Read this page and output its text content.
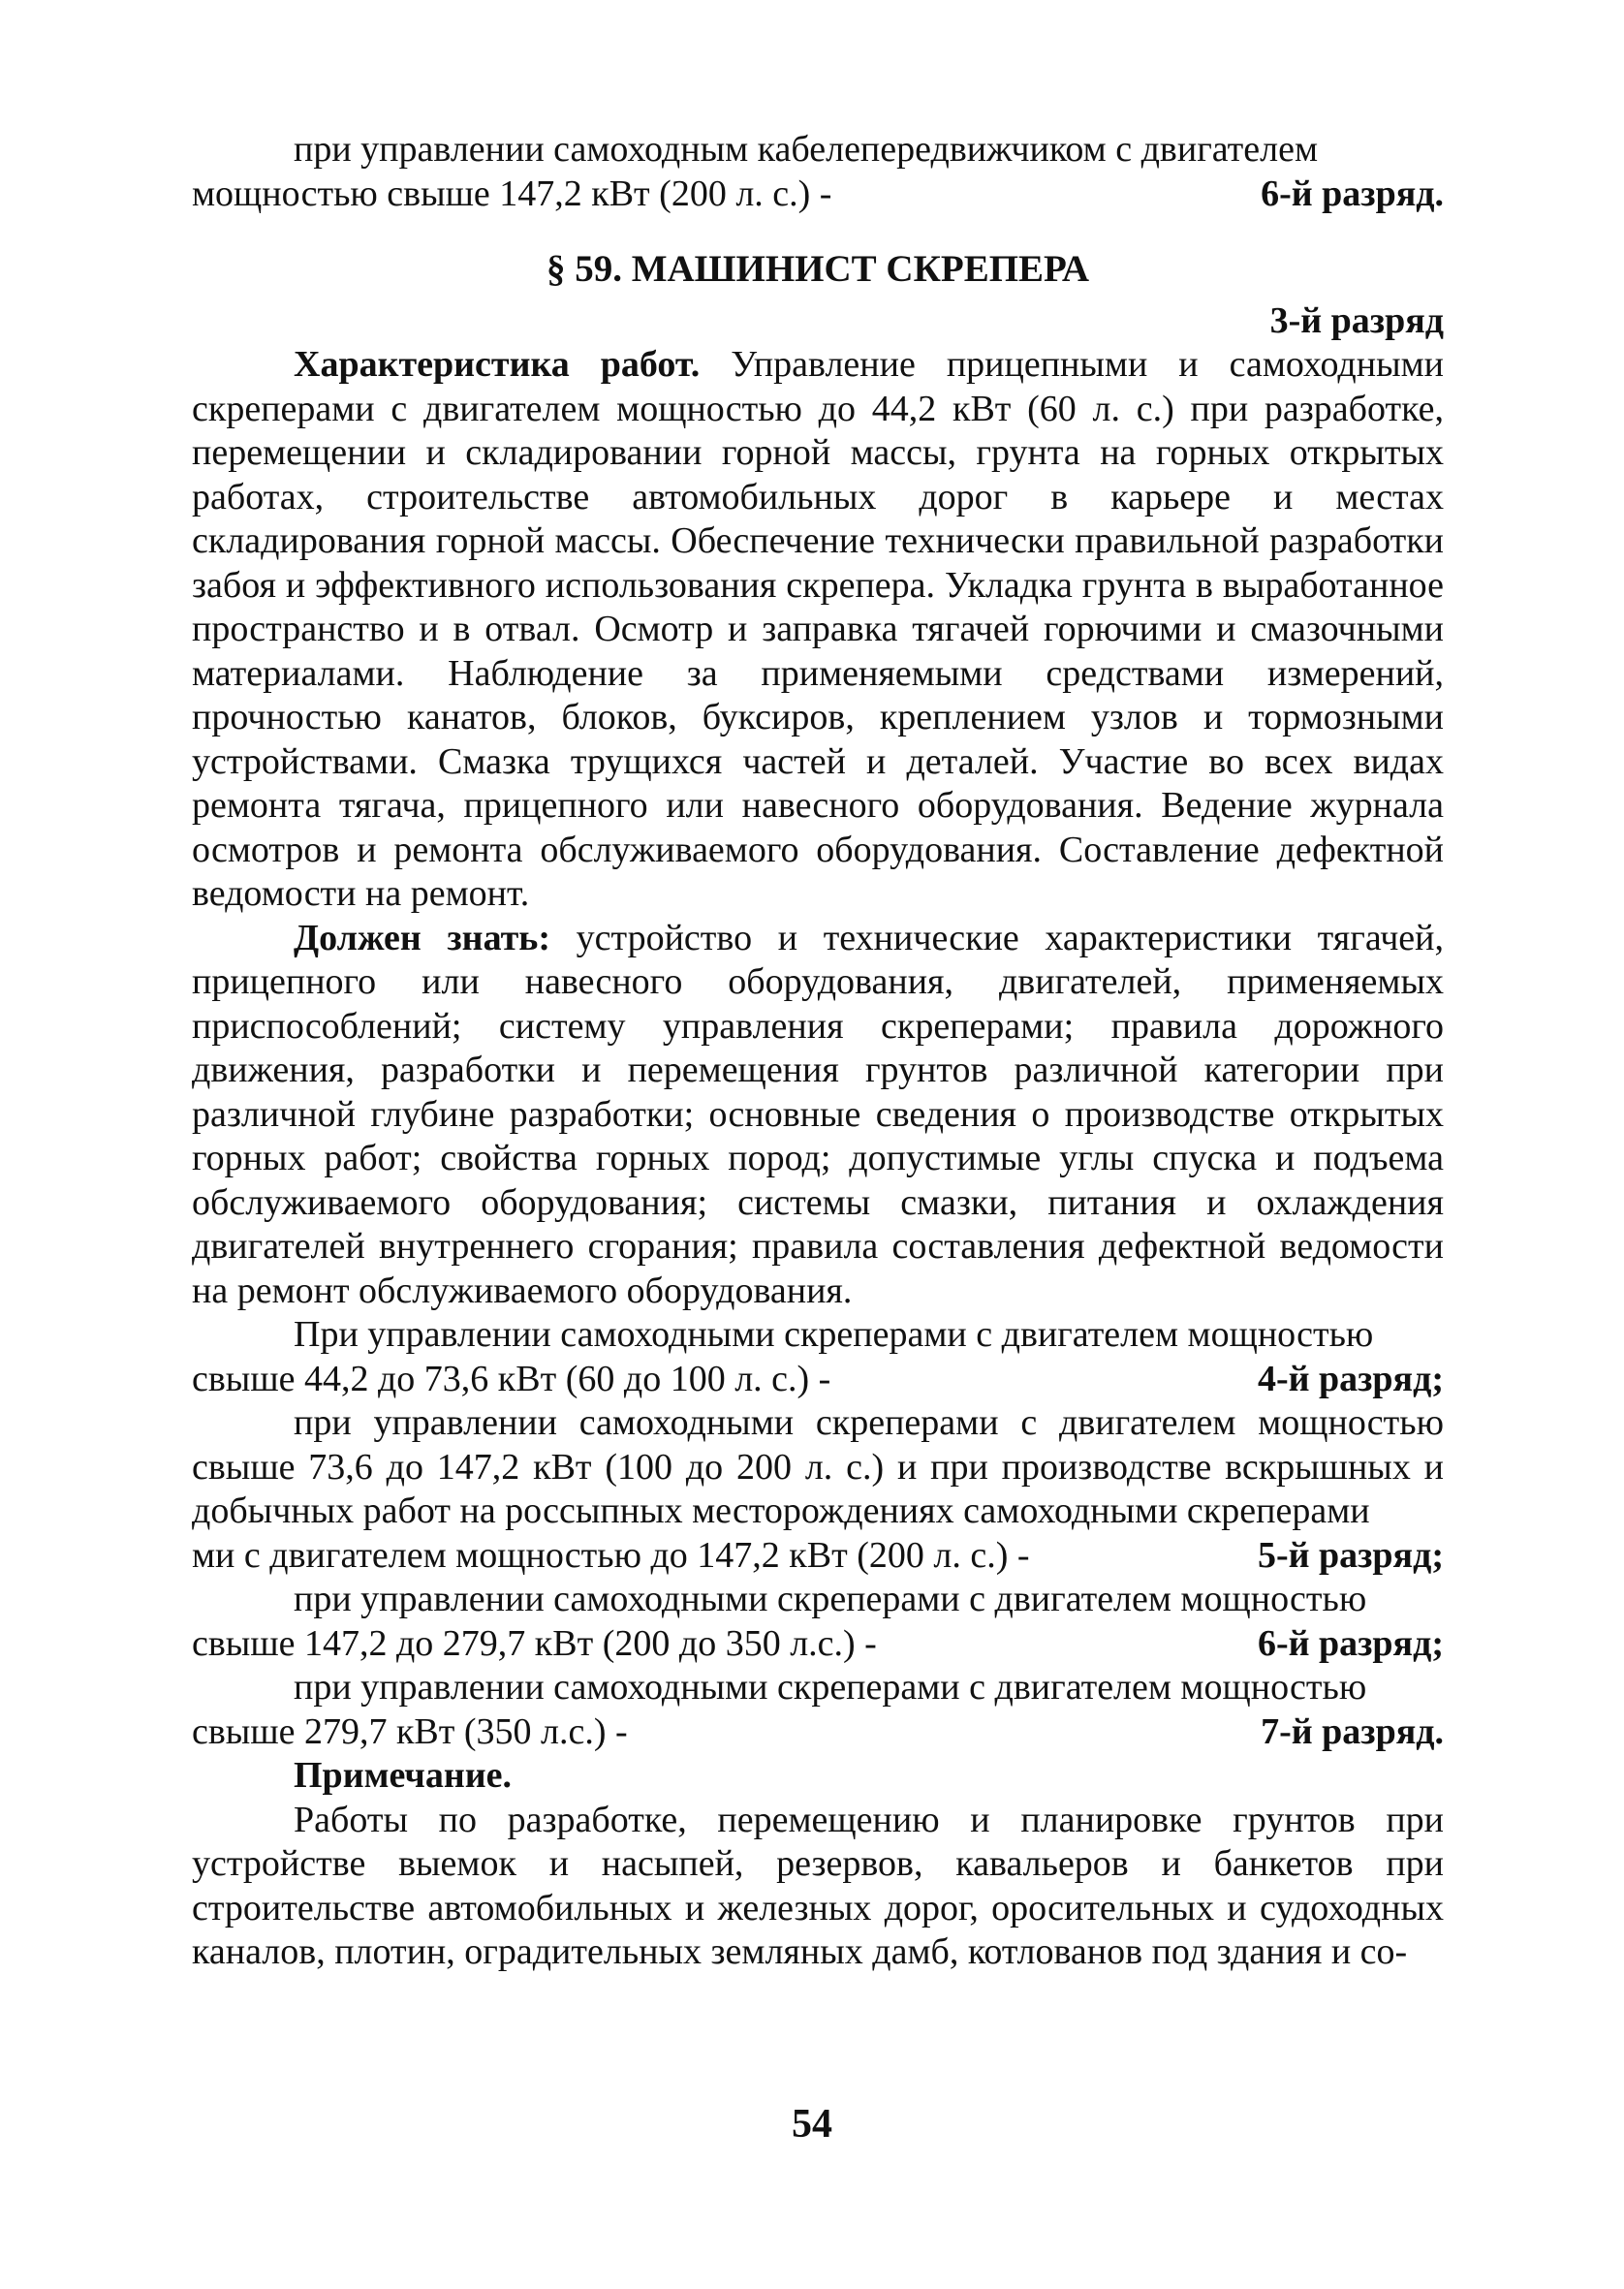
при управлении самоходным кабелепередвижчиком с двигателем

мощностью свыше 147,2 кВт (200 л. с.) -	6-й разряд.

§ 59. МАШИНИСТ СКРЕПЕРА

3-й разряд

Характеристика работ. Управление прицепными и самоходными скреперами с двигателем мощностью до 44,2 кВт (60 л. с.) при разработке, перемещении и складировании горной массы, грунта на горных открытых работах, строительстве автомобильных дорог в карьере и местах складирования горной массы. Обеспечение технически правильной разработки забоя и эффективного использования скрепера. Укладка грунта в выработанное пространство и в отвал. Осмотр и заправка тягачей горючими и смазочными материалами. Наблюдение за применяемыми средствами измерений, прочностью канатов, блоков, буксиров, креплением узлов и тормозными устройствами. Смазка трущихся частей и деталей. Участие во всех видах ремонта тягача, прицепного или навесного оборудования. Ведение журнала осмотров и ремонта обслуживаемого оборудования. Составление дефектной ведомости на ремонт.

Должен знать: устройство и технические характеристики тягачей, прицепного или навесного оборудования, двигателей, применяемых приспособлений; систему управления скреперами; правила дорожного движения, разработки и перемещения грунтов различной категории при различной глубине разработки; основные сведения о производстве открытых горных работ; свойства горных пород; допустимые углы спуска и подъема обслуживаемого оборудования; системы смазки, питания и охлаждения двигателей внутреннего сгорания; правила составления дефектной ведомости на ремонт обслуживаемого оборудования.

При управлении самоходными скреперами с двигателем мощностью

свыше 44,2 до 73,6 кВт (60 до 100 л. с.) -	4-й разряд;

при управлении самоходными скреперами с двигателем мощностью свыше 73,6 до 147,2 кВт (100 до 200 л. с.) и при производстве вскрышных и добычных работ на россыпных месторождениях самоходными скреперами

ми с двигателем мощностью до 147,2 кВт (200 л. с.) -	5-й разряд;

при управлении самоходными скреперами с двигателем мощностью

свыше 147,2 до 279,7 кВт (200 до 350 л.с.) -	6-й разряд;

при управлении самоходными скреперами с двигателем мощностью

свыше 279,7 кВт (350 л.с.) -	7-й разряд.

Примечание.

Работы по разработке, перемещению и планировке грунтов при устройстве выемок и насыпей, резервов, кавальеров и банкетов при строительстве автомобильных и железных дорог, оросительных и судоходных каналов, плотин, оградительных земляных дамб, котлованов под здания и со-

54
